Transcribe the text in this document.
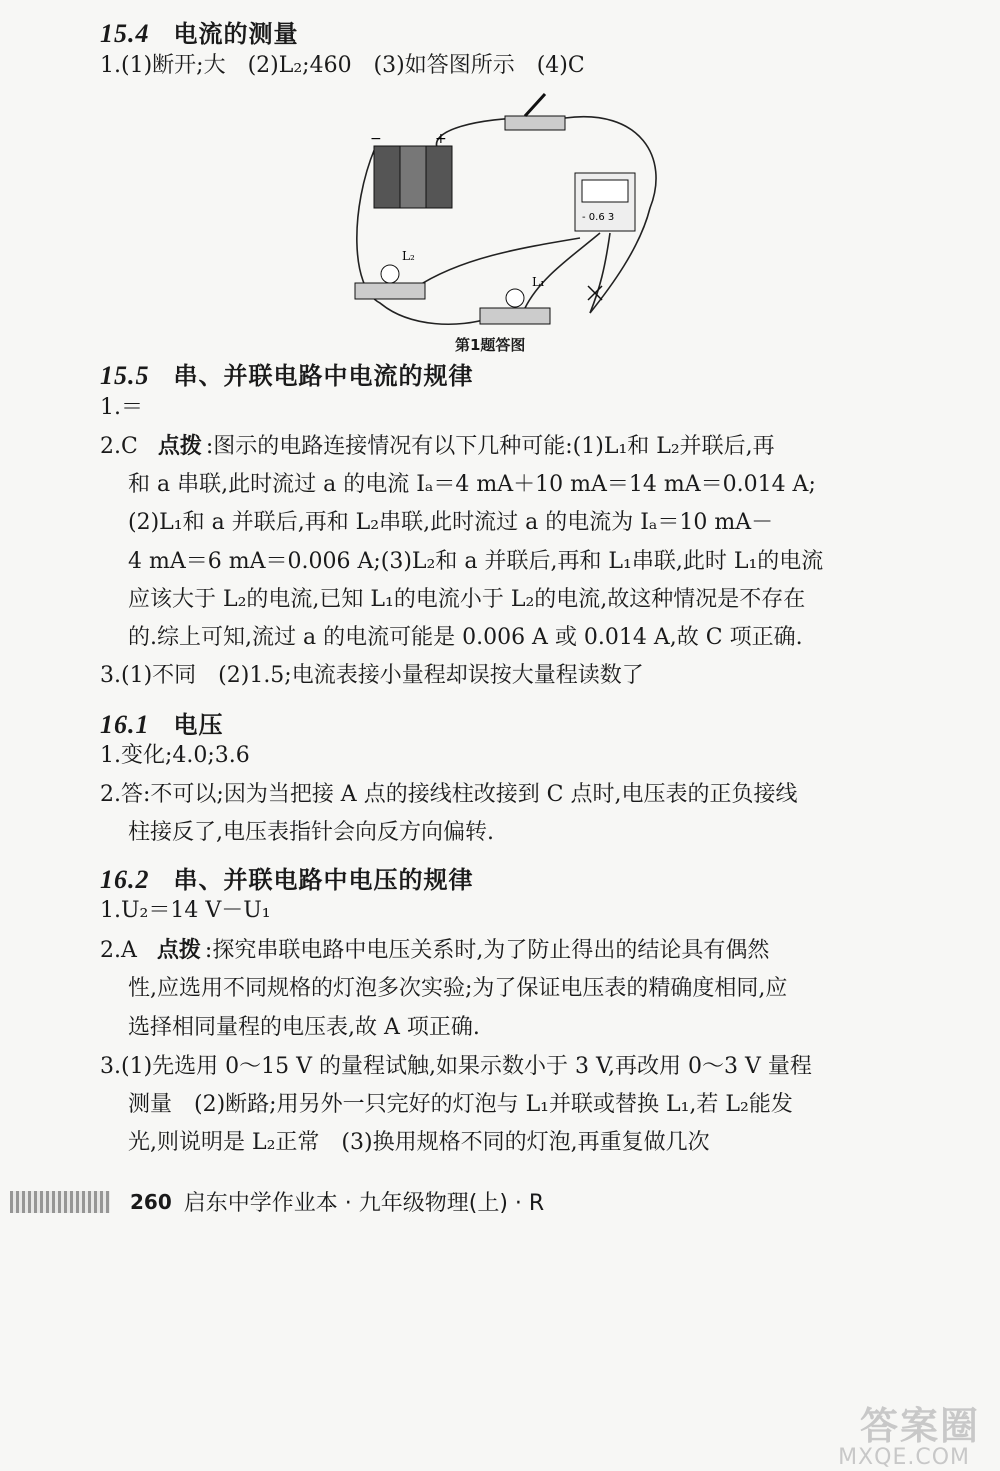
15.4 电流的测量
1.(1)断开;大　(2)L₂;460　(3)如答图所示　(4)C
−	+
- 0.6 3
L₂
L₁
第1题答图
15.5 串、并联电路中电流的规律
1.＝
2.C 点拨 :图示的电路连接情况有以下几种可能:(1)L₁和 L₂并联后,再
和 a 串联,此时流过 a 的电流 Iₐ＝4 mA＋10 mA＝14 mA＝0.014 A;
(2)L₁和 a 并联后,再和 L₂串联,此时流过 a 的电流为 Iₐ＝10 mA－
4 mA＝6 mA＝0.006 A;(3)L₂和 a 并联后,再和 L₁串联,此时 L₁的电流
应该大于 L₂的电流,已知 L₁的电流小于 L₂的电流,故这种情况是不存在
的.综上可知,流过 a 的电流可能是 0.006 A 或 0.014 A,故 C 项正确.
3.(1)不同　(2)1.5;电流表接小量程却误按大量程读数了
16.1 电压
1.变化;4.0;3.6
2.答:不可以;因为当把接 A 点的接线柱改接到 C 点时,电压表的正负接线
柱接反了,电压表指针会向反方向偏转.
16.2 串、并联电路中电压的规律
1.U₂＝14 V－U₁
2.A 点拨 :探究串联电路中电压关系时,为了防止得出的结论具有偶然
性,应选用不同规格的灯泡多次实验;为了保证电压表的精确度相同,应
选择相同量程的电压表,故 A 项正确.
3.(1)先选用 0～15 V 的量程试触,如果示数小于 3 V,再改用 0～3 V 量程
测量　(2)断路;用另外一只完好的灯泡与 L₁并联或替换 L₁,若 L₂能发
光,则说明是 L₂正常　(3)换用规格不同的灯泡,再重复做几次
260 启东中学作业本 · 九年级物理(上) · R
答案圈
MXQE.COM
